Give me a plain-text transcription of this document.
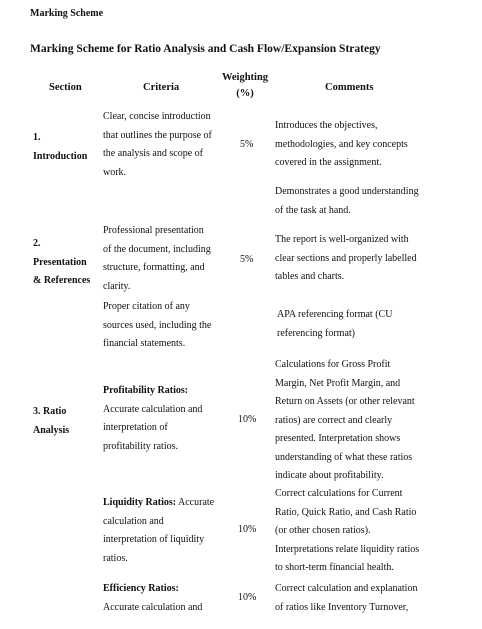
Marking Scheme
Marking Scheme for Ratio Analysis and Cash Flow/Expansion Strategy
Section	Criteria
Weighting
(%)
Comments
1.
Introduction
Clear, concise introduction
that outlines the purpose of
the analysis and scope of
work.
5%
Introduces the objectives,
methodologies, and key concepts
covered in the assignment.
Demonstrates a good understanding
of the task at hand.
2.
Presentation
& References
Professional presentation
of the document, including
structure, formatting, and
clarity.
5%
The report is well-organized with
clear sections and properly labelled
tables and charts.
Proper citation of any
sources used, including the
financial statements.
APA referencing format (CU
referencing format)
3. Ratio
Analysis
Profitability Ratios:
Accurate calculation and
interpretation of
profitability ratios.
10%
Calculations for Gross Profit
Margin, Net Profit Margin, and
Return on Assets (or other relevant
ratios) are correct and clearly
presented. Interpretation shows
understanding of what these ratios
indicate about profitability.
Liquidity Ratios: Accurate
calculation and
interpretation of liquidity
ratios.
10%
Correct calculations for Current
Ratio, Quick Ratio, and Cash Ratio
(or other chosen ratios).
Interpretations relate liquidity ratios
to short-term financial health.
Efficiency Ratios:
Accurate calculation and
10%
Correct calculation and explanation
of ratios like Inventory Turnover,
